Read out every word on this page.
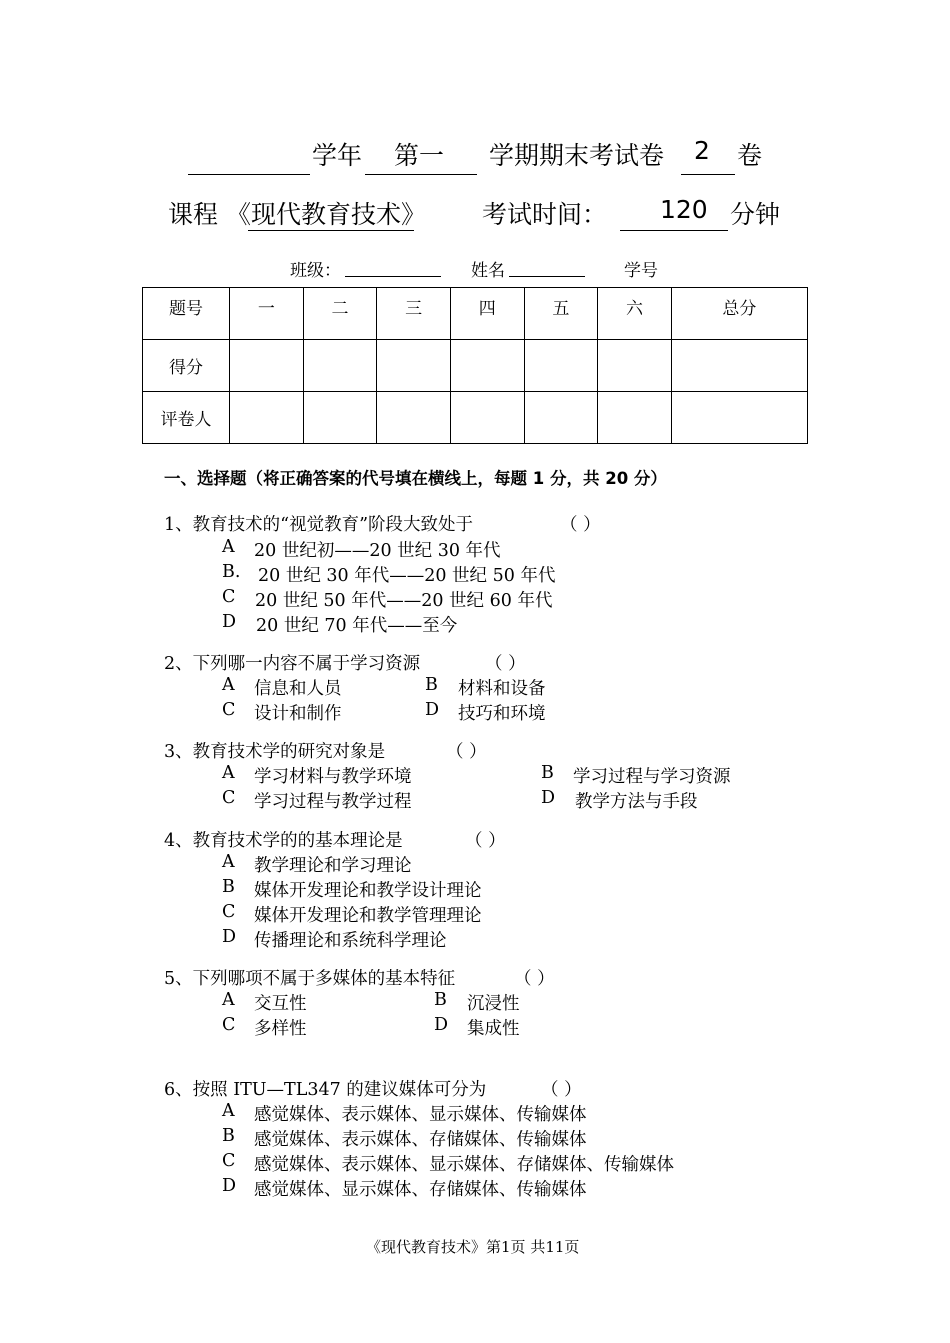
学年 第一 学期期末考试卷 2 卷
课程 《现代教育技术》 考试时间： 120 分钟
班级：	姓名	学号
题号	一	二	三	四	五	六	总分
得分							
评卷人							
一、选择题（将正确答案的代号填在横线上，每题 1 分，共 20 分）
1、教育技术的“视觉教育”阶段大致处于	（ ）
A 20 世纪初——20 世纪 30 年代
B. 20 世纪 30 年代——20 世纪 50 年代
C 20 世纪 50 年代——20 世纪 60 年代
D 20 世纪 70 年代——至今
2、下列哪一内容不属于学习资源	（ ）
A 信息和人员	B 材料和设备
C 设计和制作	D 技巧和环境
3、教育技术学的研究对象是	（ ）
A 学习材料与教学环境	B 学习过程与学习资源
C 学习过程与教学过程	D 教学方法与手段
4、教育技术学的的基本理论是	（ ）
A 教学理论和学习理论
B 媒体开发理论和教学设计理论
C 媒体开发理论和教学管理理论
D 传播理论和系统科学理论
5、下列哪项不属于多媒体的基本特征	（ ）
A 交互性	B 沉浸性
C 多样性	D 集成性
6、按照 ITU—TL347 的建议媒体可分为	（ ）
A 感觉媒体、表示媒体、显示媒体、传输媒体
B 感觉媒体、表示媒体、存储媒体、传输媒体
C 感觉媒体、表示媒体、显示媒体、存储媒体、传输媒体
D 感觉媒体、显示媒体、存储媒体、传输媒体
《现代教育技术》第1页 共11页
